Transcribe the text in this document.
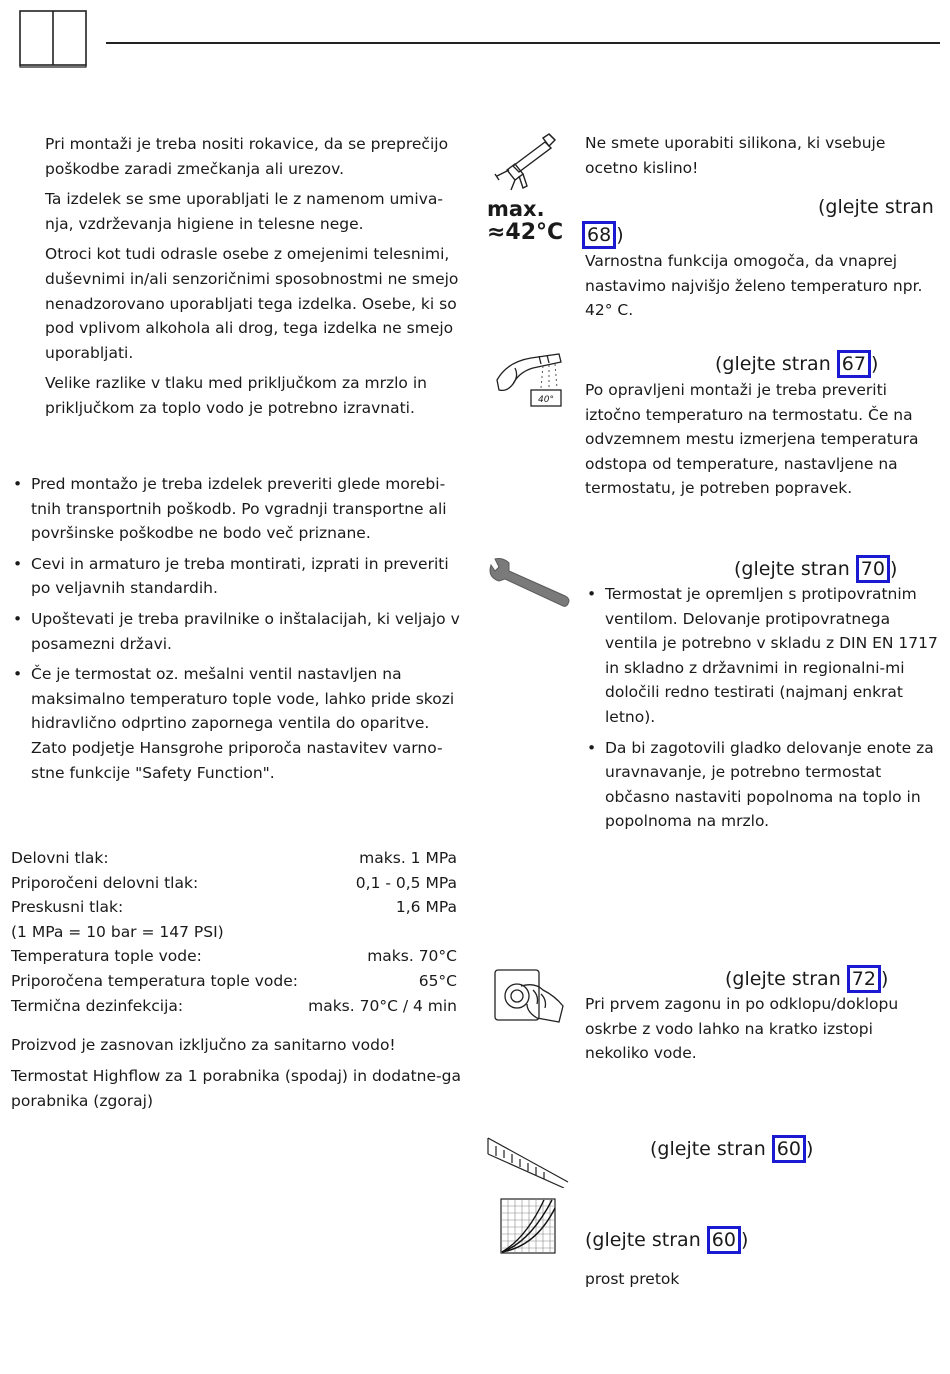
Pri montaži je treba nositi rokavice, da se preprečijo poškodbe zaradi zmečkanja ali urezov.

Ta izdelek se sme uporabljati le z namenom umiva-nja, vzdrževanja higiene in telesne nege.

Otroci kot tudi odrasle osebe z omejenimi telesnimi, duševnimi in/ali senzoričnimi sposobnostmi ne smejo nenadzorovano uporabljati tega izdelka. Osebe, ki so pod vplivom alkohola ali drog, tega izdelka ne smejo uporabljati.

Velike razlike v tlaku med priključkom za mrzlo in priključkom za toplo vodo je potrebno izravnati.

• Pred montažo je treba izdelek preveriti glede morebi-tnih transportnih poškodb. Po vgradnji transportne ali površinske poškodbe ne bodo več priznane.
• Cevi in armaturo je treba montirati, izprati in preveriti po veljavnih standardih.
• Upoštevati je treba pravilnike o inštalacijah, ki veljajo v posamezni državi.
• Če je termostat oz. mešalni ventil nastavljen na maksimalno temperaturo tople vode, lahko pride skozi hidravlično odprtino zapornega ventila do oparitve. Zato podjetje Hansgrohe priporoča nastavitev varno-stne funkcije "Safety Function".
Delovni tlak:	maks. 1 MPa
Priporočeni delovni tlak:	0,1 - 0,5 MPa
Preskusni tlak:	1,6 MPa
(1 MPa = 10 bar = 147 PSI)
Temperatura tople vode:	maks. 70°C
Priporočena temperatura tople vode:	65°C
Termična dezinfekcija:	maks. 70°C / 4 min
Proizvod je zasnovan izključno za sanitarno vodo!
Termostat Highflow za 1 porabnika (spodaj) in dodatne-ga porabnika (zgoraj)
Ne smete uporabiti silikona, ki vsebuje ocetno kislino!
max.
≈42°C
(glejte stran
68 )
Varnostna funkcija omogoča, da vnaprej nastavimo najvišjo želeno temperaturo npr. 42° C.
40°
(glejte stran 67 )
Po opravljeni montaži je treba preveriti iztočno temperaturo na termostatu. Če na odvzemnem mestu izmerjena temperatura odstopa od temperature, nastavljene na termostatu, je potreben popravek.
(glejte stran 70 )
• Termostat je opremljen s protipovratnim ventilom. Delovanje protipovratnega ventila je potrebno v skladu z DIN EN 1717 in skladno z državnimi in regionalni-mi določili redno testirati (najmanj enkrat letno).
• Da bi zagotovili gladko delovanje enote za uravnavanje, je potrebno termostat občasno nastaviti popolnoma na toplo in popolnoma na mrzlo.
(glejte stran 72 )
Pri prvem zagonu in po odklopu/doklopu oskrbe z vodo lahko na kratko izstopi nekoliko vode.
(glejte stran 60 )
(glejte stran 60 )
prost pretok
